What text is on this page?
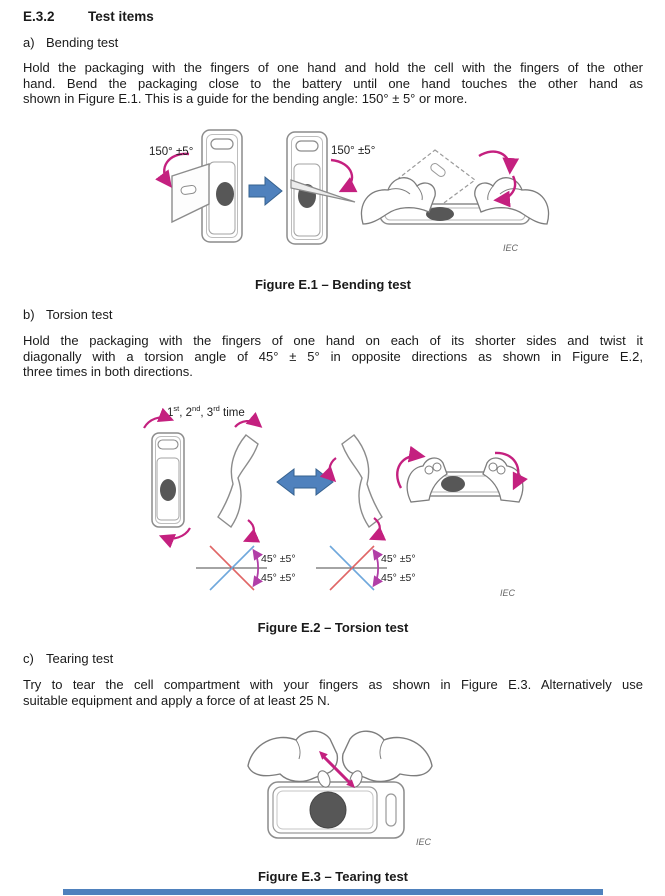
E.3.2 Test items
a) Bending test
Hold the packaging with the fingers of one hand and hold the cell with the fingers of the other
hand. Bend the packaging close to the battery until one hand touches the other hand as
shown in Figure E.1. This is a guide for the bending angle: 150° ± 5° or more.
150° ±5°	150° ±5°
IEC
Figure E.1 – Bending test
b) Torsion test
Hold the packaging with the fingers of one hand on each of its shorter sides and twist it
diagonally with a torsion angle of 45° ± 5° in opposite directions as shown in Figure E.2,
three times in both directions.
1st, 2nd, 3rd time
45° ±5°
45° ±5°
45° ±5°
45° ±5°
IEC
Figure E.2 – Torsion test
c) Tearing test
Try to tear the cell compartment with your fingers as shown in Figure E.3. Alternatively use
suitable equipment and apply a force of at least 25 N.
IEC
Figure E.3 – Tearing test
